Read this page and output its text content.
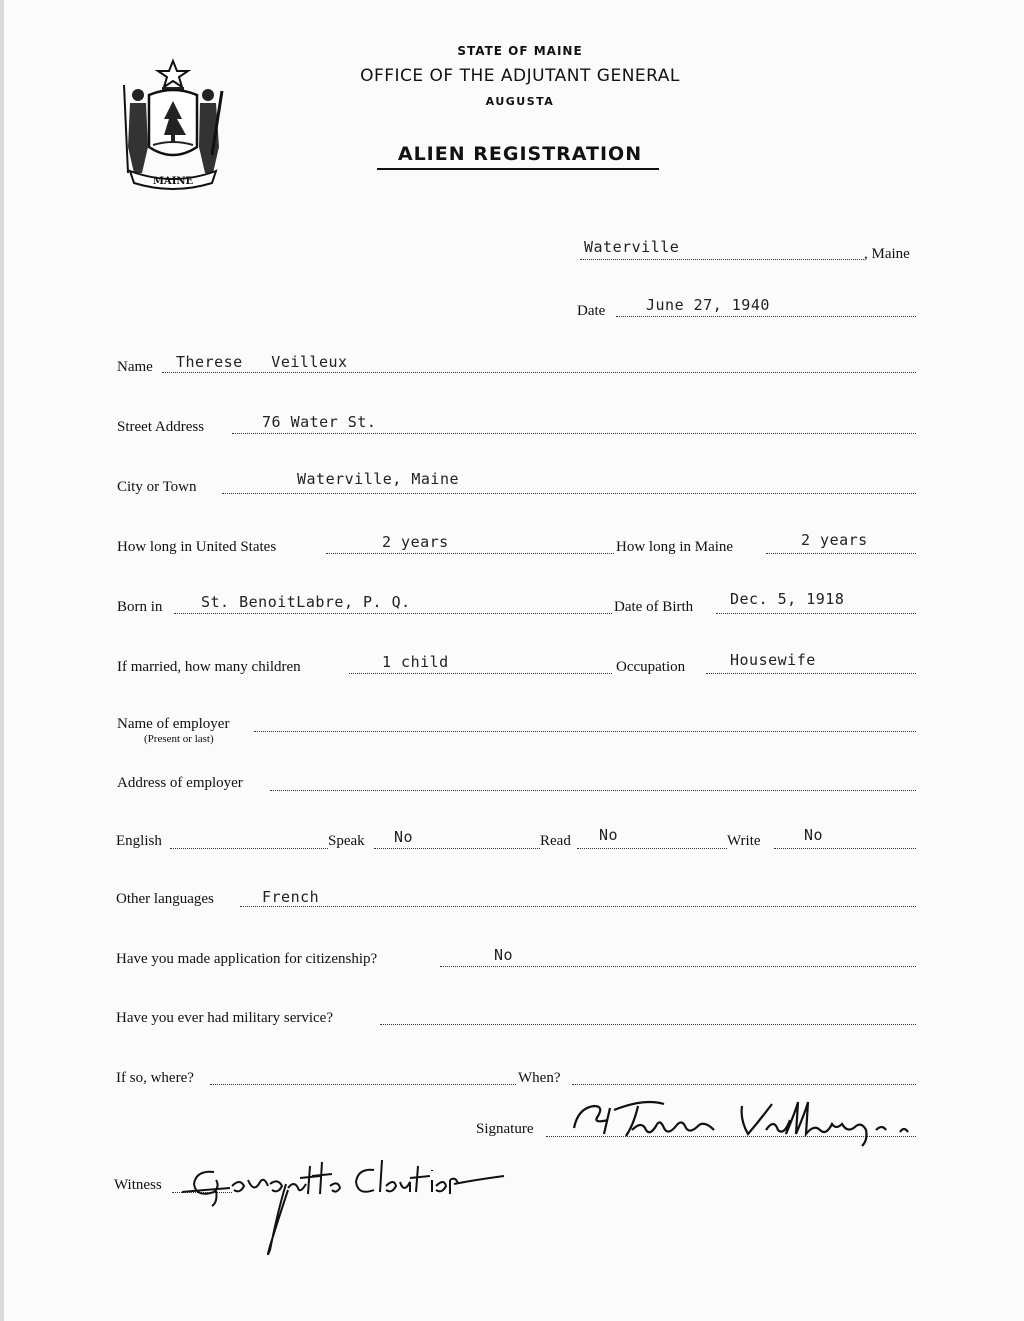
MAINE
STATE OF MAINE
OFFICE OF THE ADJUTANT GENERAL
AUGUSTA
ALIEN REGISTRATION
Waterville	, Maine
Date	June 27, 1940
Name Therese   Veilleux
Street Address	76 Water St.
City or Town	Waterville, Maine
How long in United States	2 years	How long in Maine	2 years
Born in	St. BenoitLabre, P. Q.	Date of Birth Dec. 5, 1918
If married, how many children	1 child	Occupation	Housewife
Name of employer
(Present or last)
Address of employer
English	Speak No	Read No	Write	No
Other languages	French
Have you made application for citizenship?	No
Have you ever had military service?
If so, where?	When?
Signature
Witness
